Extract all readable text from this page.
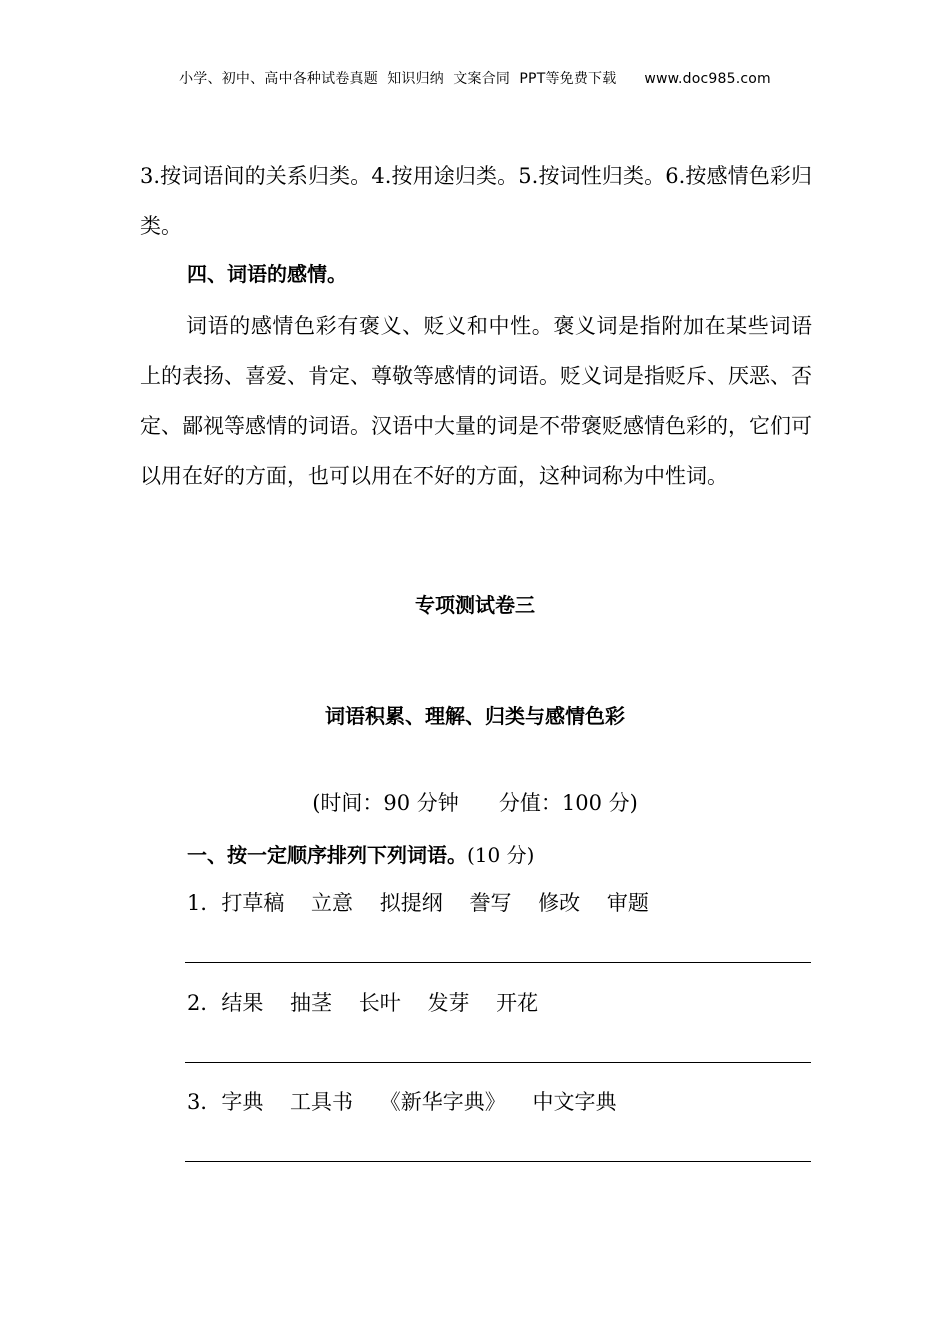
小学、初中、高中各种试卷真题  知识归纳  文案合同  PPT等免费下载      www.doc985.com

3.按词语间的关系归类。4.按用途归类。5.按词性归类。6.按感情色彩归类。

四、词语的感情。

词语的感情色彩有褒义、贬义和中性。褒义词是指附加在某些词语上的表扬、喜爱、肯定、尊敬等感情的词语。贬义词是指贬斥、厌恶、否定、鄙视等感情的词语。汉语中大量的词是不带褒贬感情色彩的，它们可以用在好的方面，也可以用在不好的方面，这种词称为中性词。

专项测试卷三
词语积累、理解、归类与感情色彩
(时间：90 分钟      分值：100 分)
一、按一定顺序排列下列词语。(10 分)
1．打草稿    立意    拟提纲    誊写    修改    审题
2．结果    抽茎    长叶    发芽    开花
3．字典    工具书    《新华字典》    中文字典
